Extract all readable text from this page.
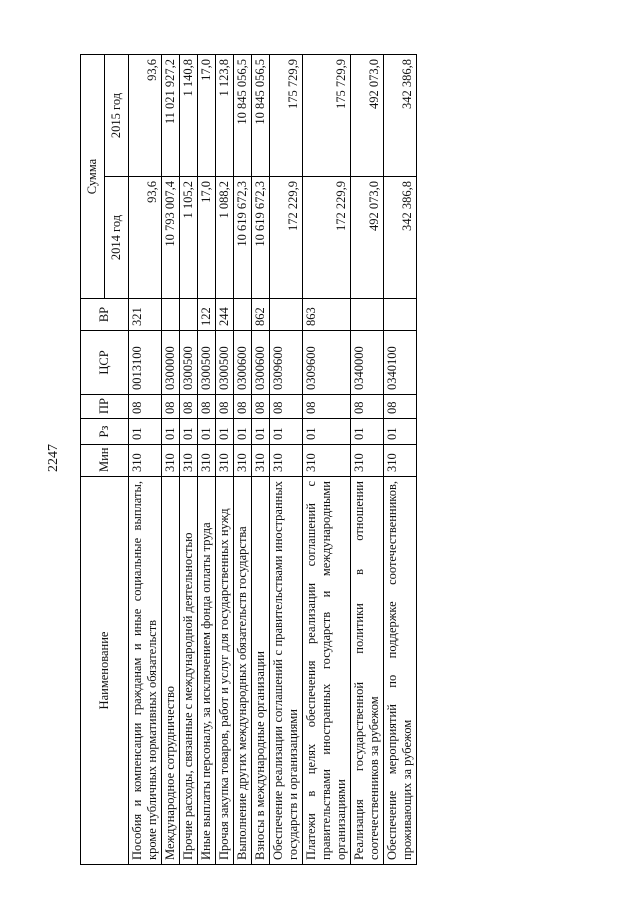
2247
Наименование	Мин	Рз	ПР	ЦСР	ВР	Сумма	
						2014 год	2015 год
Пособия и компенсации гражданам и иные социальные выплаты, кроме публичных нормативных обязательств	310	01	08	0013100	321	93,6	93,6
Международное сотрудничество	310	01	08	0300000		10 793 007,4	11 021 927,2
Прочие расходы, связанные с международной деятельностью	310	01	08	0300500		1 105,2	1 140,8
Иные выплаты персоналу, за исключением фонда оплаты труда	310	01	08	0300500	122	17,0	17,0
Прочая закупка товаров, работ и услуг для государственных нужд	310	01	08	0300500	244	1 088,2	1 123,8
Выполнение других международных обязательств государства	310	01	08	0300600		10 619 672,3	10 845 056,5
Взносы в международные организации	310	01	08	0300600	862	10 619 672,3	10 845 056,5
Обеспечение реализации соглашений с правительствами иностранных государств и организациями	310	01	08	0309600		172 229,9	175 729,9
Платежи в целях обеспечения реализации соглашений с правительствами иностранных государств и международными организациями	310	01	08	0309600	863	172 229,9	175 729,9
Реализация государственной политики в отношении соотечественников за рубежом	310	01	08	0340000		492 073,0	492 073,0
Обеспечение мероприятий по поддержке соотечественников, проживающих за рубежом	310	01	08	0340100		342 386,8	342 386,8
